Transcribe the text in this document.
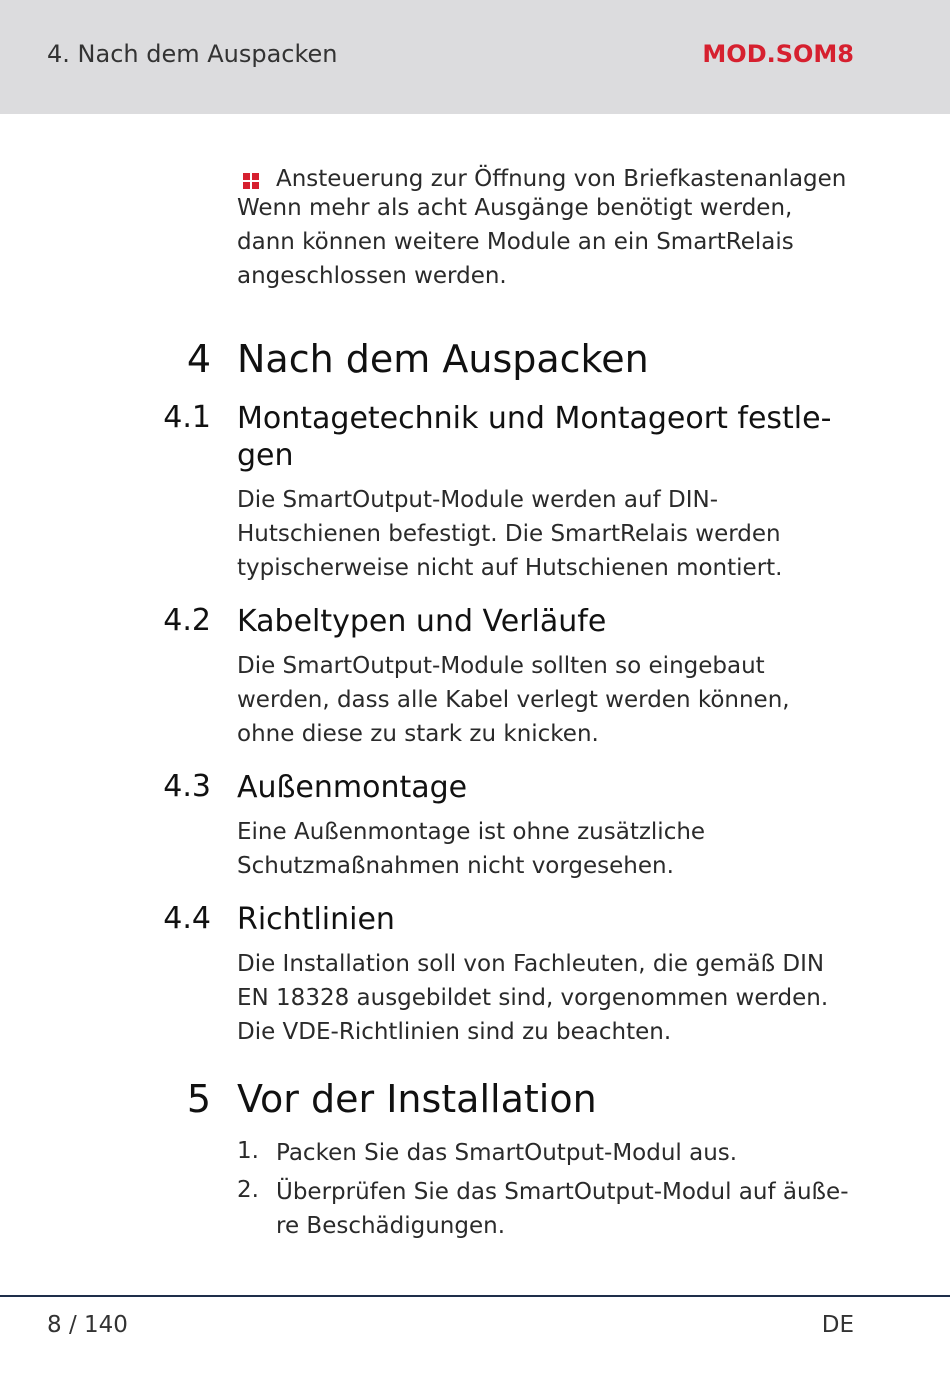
4. Nach dem Auspacken	MOD.SOM8
Ansteuerung zur Öffnung von Briefkastenanlagen

Wenn mehr als acht Ausgänge benötigt werden, dann können weitere Module an ein SmartRelais angeschlossen werden.

4 Nach dem Auspacken
4.1 Montagetechnik und Montageort festle-
gen

Die SmartOutput-Module werden auf DIN-Hutschienen befestigt. Die SmartRelais werden typischerweise nicht auf Hutschienen montiert.

4.2 Kabeltypen und Verläufe

Die SmartOutput-Module sollten so eingebaut werden, dass alle Kabel verlegt werden können, ohne diese zu stark zu knicken.

4.3 Außenmontage

Eine Außenmontage ist ohne zusätzliche Schutzmaßnahmen nicht vorgesehen.

4.4 Richtlinien

Die Installation soll von Fachleuten, die gemäß DIN EN 18328 ausgebildet sind, vorgenommen werden. Die VDE-Richtlinien sind zu beachten.

5 Vor der Installation
1. Packen Sie das SmartOutput-Modul aus.
2. Überprüfen Sie das SmartOutput-Modul auf äuße-
re Beschädigungen.
8 / 140	DE
